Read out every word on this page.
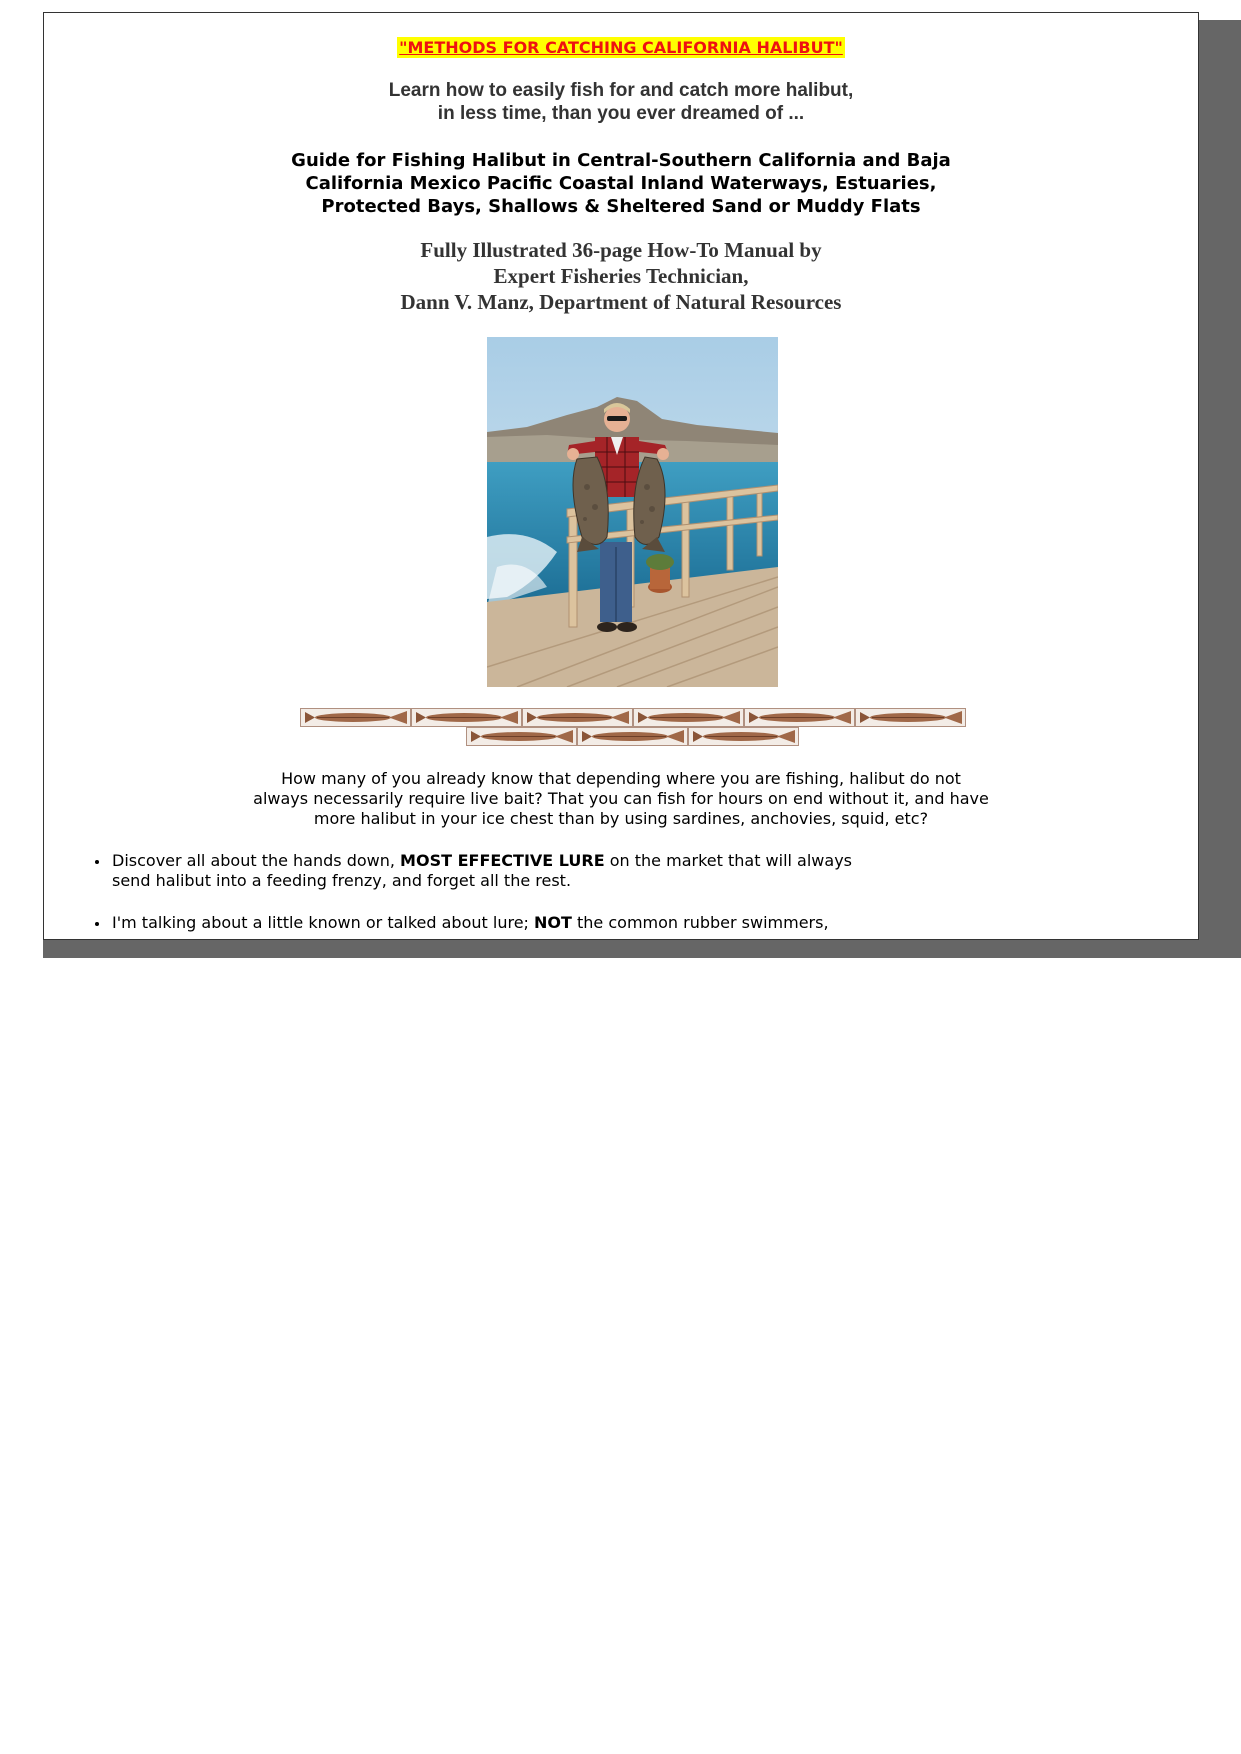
"METHODS FOR CATCHING CALIFORNIA HALIBUT"
Learn how to easily fish for and catch more halibut,
in less time, than you ever dreamed of ...
Guide for Fishing Halibut in Central-Southern California and Baja
California Mexico Pacific Coastal Inland Waterways, Estuaries,
Protected Bays, Shallows & Sheltered Sand or Muddy Flats
Fully Illustrated 36-page How-To Manual by
Expert Fisheries Technician,
Dann V. Manz, Department of Natural Resources
How many of you already know that depending where you are fishing, halibut do not
always necessarily require live bait? That you can fish for hours on end without it, and have
more halibut in your ice chest than by using sardines, anchovies, squid, etc?
Discover all about the hands down, MOST EFFECTIVE LURE on the market that will always
send halibut into a feeding frenzy, and forget all the rest.
I'm talking about a little known or talked about lure; NOT the common rubber swimmers,
